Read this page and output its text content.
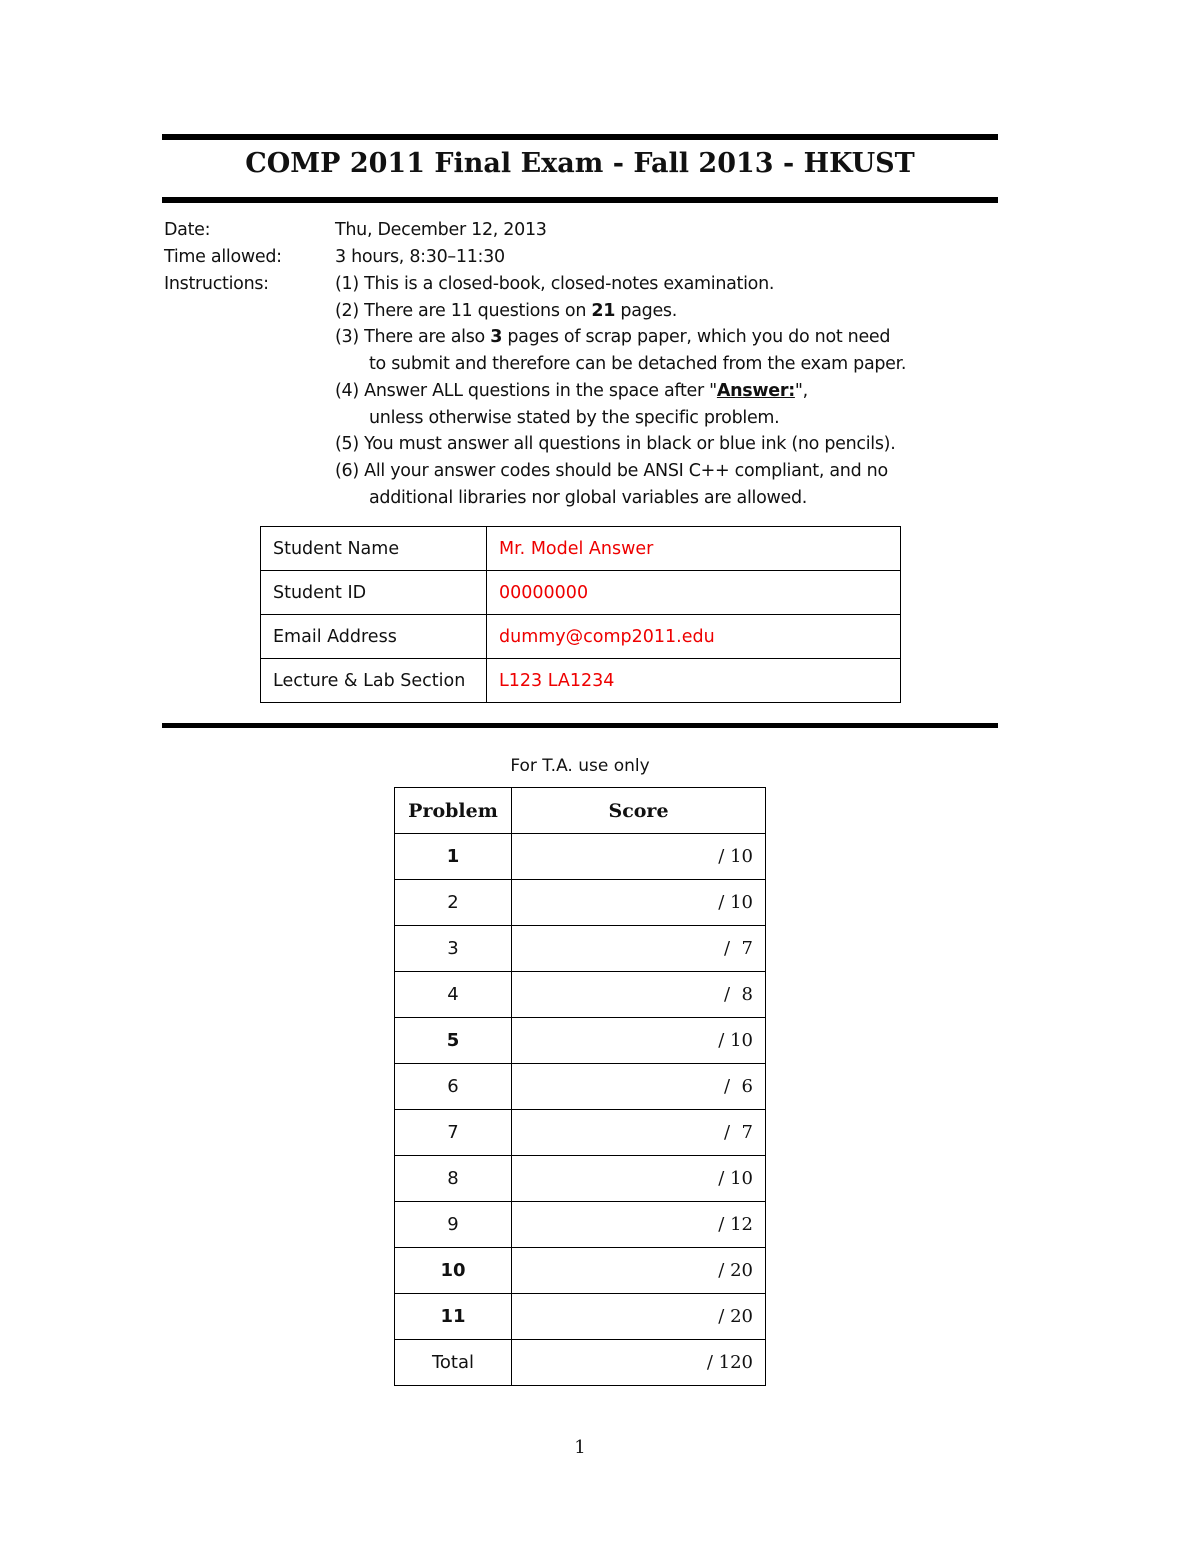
COMP 2011 Final Exam - Fall 2013 - HKUST
Date:	Thu, December 12, 2013
Time allowed:	3 hours, 8:30–11:30
Instructions:	(1) This is a closed-book, closed-notes examination.
(2) There are 11 questions on 21 pages.
(3) There are also 3 pages of scrap paper, which you do not need
to submit and therefore can be detached from the exam paper.
(4) Answer ALL questions in the space after "Answer:",
unless otherwise stated by the specific problem.
(5) You must answer all questions in black or blue ink (no pencils).
(6) All your answer codes should be ANSI C++ compliant, and no
additional libraries nor global variables are allowed.
Student Name	Mr. Model Answer
Student ID	00000000
Email Address	dummy@comp2011.edu
Lecture & Lab Section	L123 LA1234
For T.A. use only
Problem	Score
1	/ 10
2	/ 10
3	/  7
4	/  8
5	/ 10
6	/  6
7	/  7
8	/ 10
9	/ 12
10	/ 20
11	/ 20
Total	/ 120
1
